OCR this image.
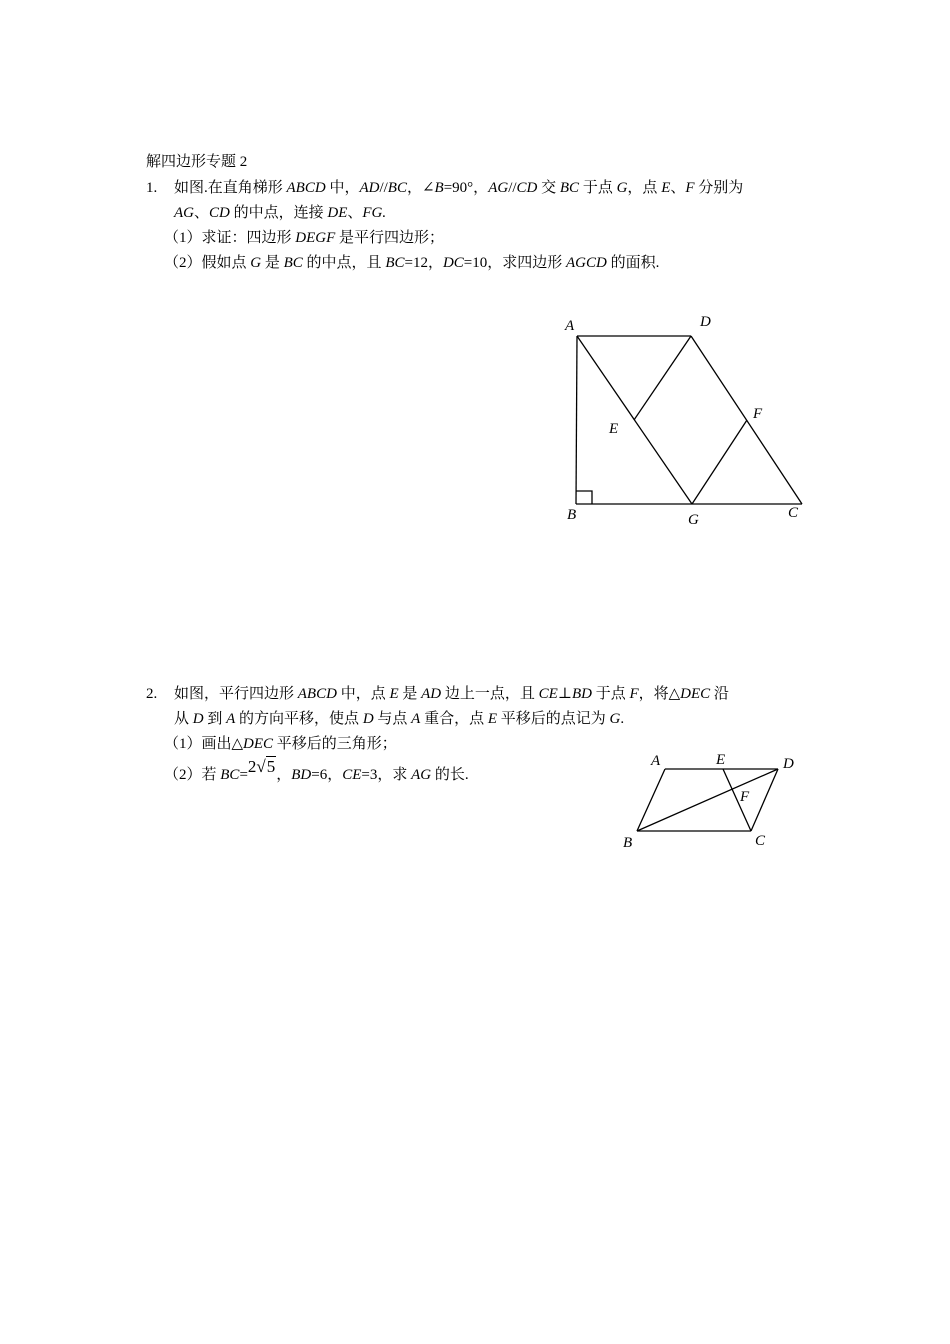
解四边形专题 2
1. 如图.在直角梯形 ABCD 中，AD//BC，∠B=90°，AG//CD 交 BC 于点 G，点 E、F 分别为
AG、CD 的中点，连接 DE、FG.
（1）求证：四边形 DEGF 是平行四边形；
（2）假如点 G 是 BC 的中点，且 BC=12，DC=10，求四边形 AGCD 的面积.
2. 如图，平行四边形 ABCD 中，点 E 是 AD 边上一点，且 CE⊥BD 于点 F，将△DEC 沿
从 D 到 A 的方向平移，使点 D 与点 A 重合，点 E 平移后的点记为 G.
（1）画出△DEC 平移后的三角形；
（2）若 BC=2√5，BD=6，CE=3，求 AG 的长.
A	D
E
F
B	G	C
A	E	D
F
B	C
